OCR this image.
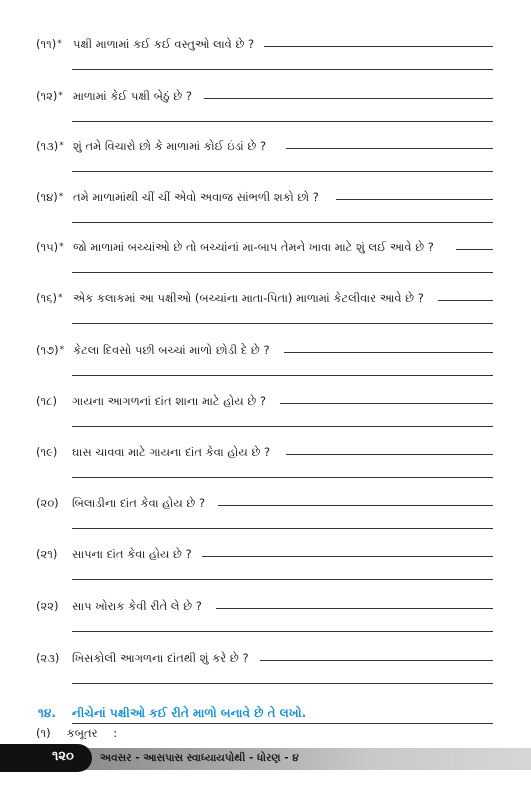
(૧૧)* પક્ષી માળામાં કઈ કઈ વસ્તુઓ લાવે છે ?
(૧૨)* માળામાં કેઈ પક્ષી બેઠું છે ?
(૧૩)* શું તમે વિચારો છો કે માળામાં કોઈ ઇંડાં છે ?
(૧૪)* તમે માળામાંથી ચીં ચીં એવો અવાજ સાંભળી શકો છો ?
(૧૫)* જો માળામાં બચ્ચાંઓ છે તો બચ્ચાંનાં મા-બાપ તેમને ખાવા માટે શું લઈ આવે છે ?
(૧૬)* એક કલાકમાં આ પક્ષીઓ (બચ્ચાંના માતા-પિતા) માળામાં કેટલીવાર આવે છે ?
(૧૭)* કેટલા દિવસો પછી બચ્ચાં માળો છોડી દે છે ?
(૧૮) ગાયના આગળનાં દાંત શાના માટે હોય છે ?
(૧૯) ઘાસ ચાવવા માટે ગાયના દાંત કેવા હોય છે ?
(૨૦) બિલાડીના દાંત કેવા હોય છે ?
(૨૧) સાપના દાંત કેવા હોય છે ?
(૨૨) સાપ ખોરાક કેવી રીતે લે છે ?
(૨૩) ખિસકોલી આગળના દાંતથી શું કરે છે ?
૧૪. નીચેનાં પક્ષીઓ કઈ રીતે માળો બનાવે છે તે લખો.
(૧) કબૂતર :
૧૨૦ અવસર - આસપાસ સ્વાધ્યાયપોથી - ધોરણ - ૪
